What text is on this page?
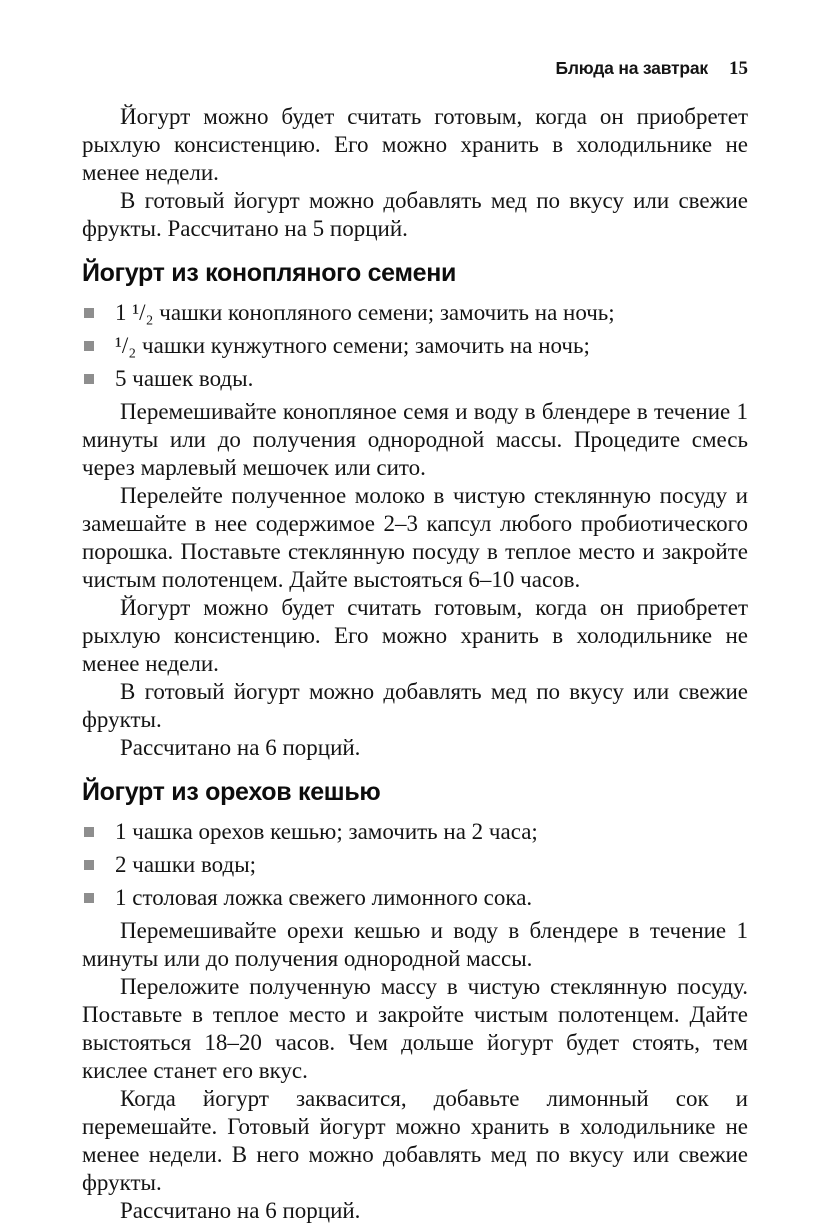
Блюда на завтрак 15

Йогурт можно будет считать готовым, когда он приобретет рыхлую консистенцию. Его можно хранить в холодильнике не менее недели.

В готовый йогурт можно добавлять мед по вкусу или свежие фрукты. Рассчитано на 5 порций.

Йогурт из конопляного семени
1 ¹/₂ чашки конопляного семени; замочить на ночь;
¹/₂ чашки кунжутного семени; замочить на ночь;
5 чашек воды.

Перемешивайте конопляное семя и воду в блендере в течение 1 минуты или до получения однородной массы. Процедите смесь через марлевый мешочек или сито.

Перелейте полученное молоко в чистую стеклянную посуду и замешайте в нее содержимое 2–3 капсул любого пробиотического порошка. Поставьте стеклянную посуду в теплое место и закройте чистым полотенцем. Дайте выстояться 6–10 часов.

Йогурт можно будет считать готовым, когда он приобретет рыхлую консистенцию. Его можно хранить в холодильнике не менее недели.

В готовый йогурт можно добавлять мед по вкусу или свежие фрукты.

Рассчитано на 6 порций.

Йогурт из орехов кешью
1 чашка орехов кешью; замочить на 2 часа;
2 чашки воды;
1 столовая ложка свежего лимонного сока.

Перемешивайте орехи кешью и воду в блендере в течение 1 минуты или до получения однородной массы.

Переложите полученную массу в чистую стеклянную посуду. Поставьте в теплое место и закройте чистым полотенцем. Дайте выстояться 18–20 часов. Чем дольше йогурт будет стоять, тем кислее станет его вкус.

Когда йогурт заквасится, добавьте лимонный сок и перемешайте. Готовый йогурт можно хранить в холодильнике не менее недели. В него можно добавлять мед по вкусу или свежие фрукты.

Рассчитано на 6 порций.
